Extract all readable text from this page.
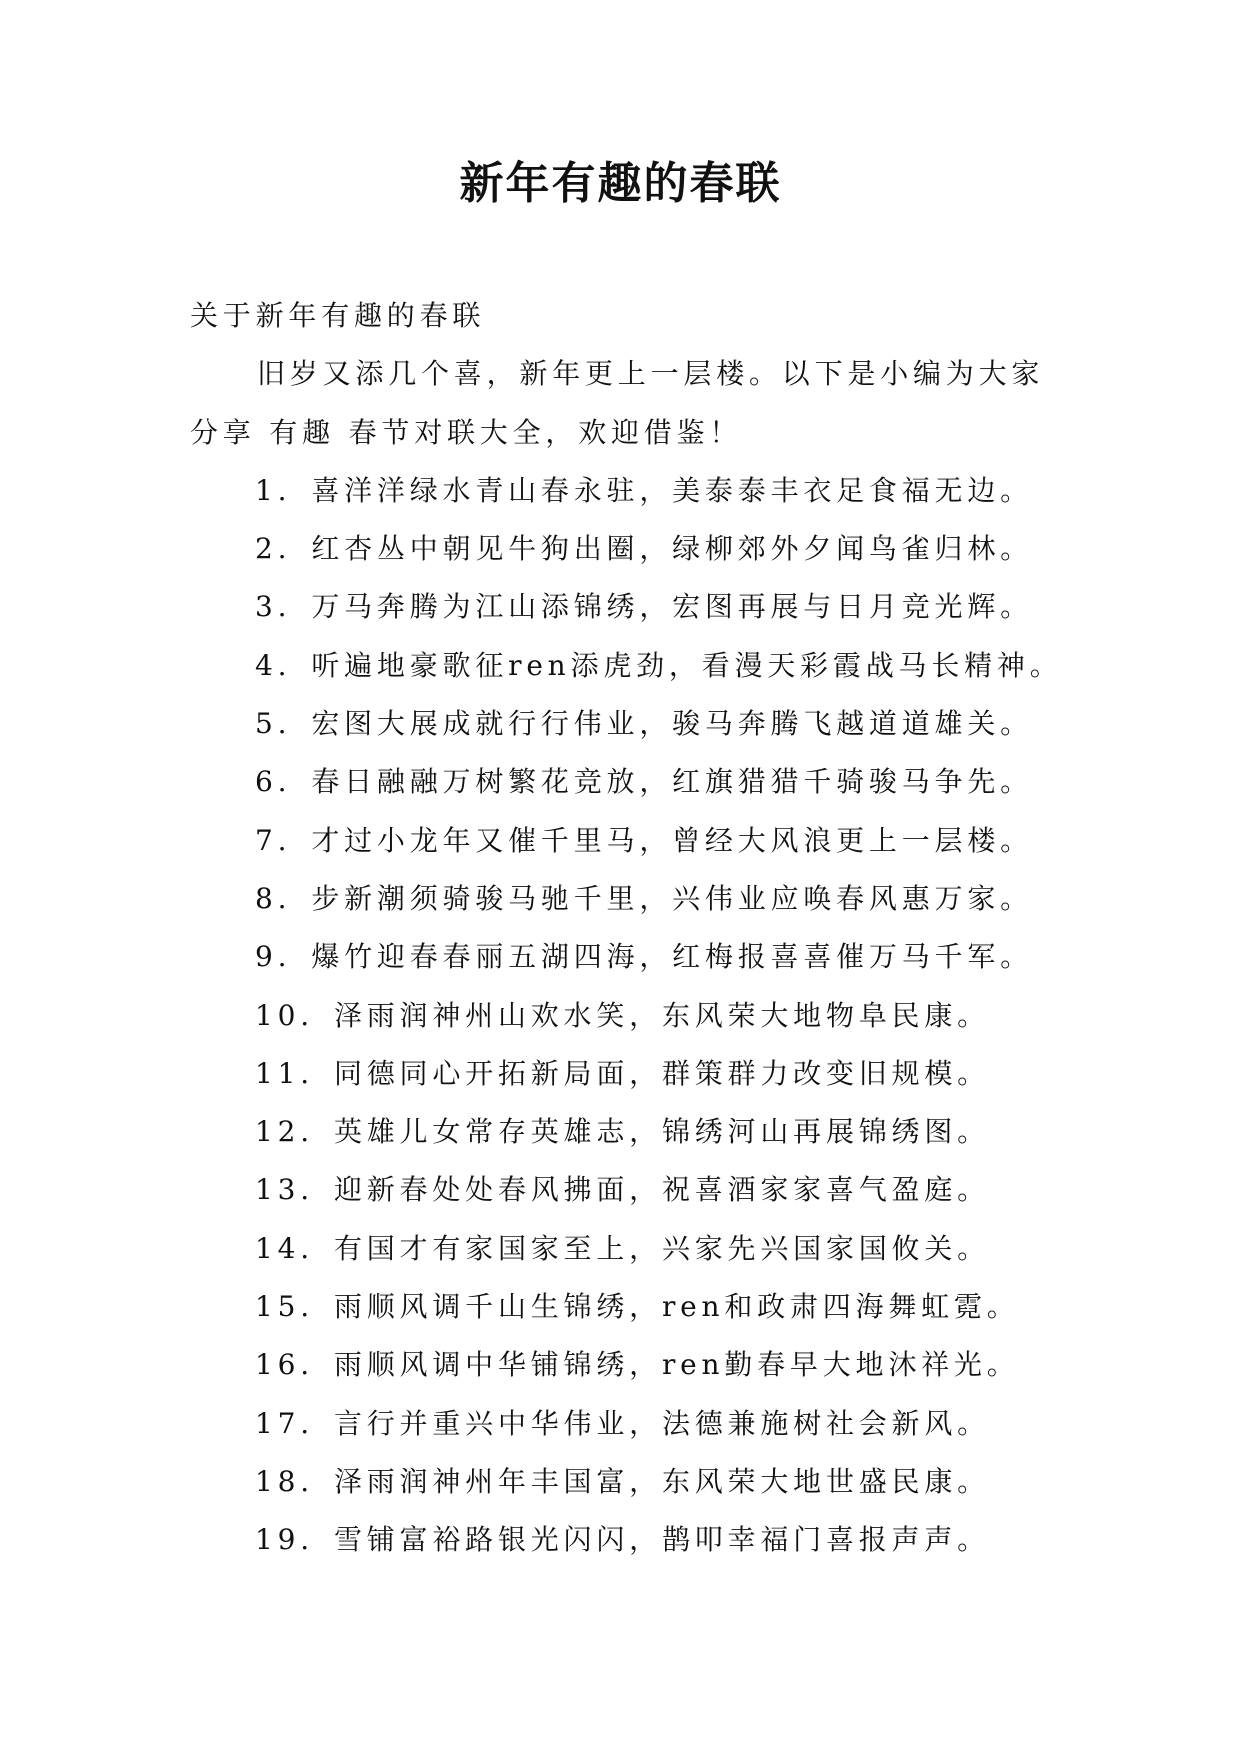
新年有趣的春联
关于新年有趣的春联
旧岁又添几个喜，新年更上一层楼。以下是小编为大家
分享 有趣 春节对联大全，欢迎借鉴！
1. 喜洋洋绿水青山春永驻，美泰泰丰衣足食福无边。
2. 红杏丛中朝见牛狗出圈，绿柳郊外夕闻鸟雀归林。
3. 万马奔腾为江山添锦绣，宏图再展与日月竞光辉。
4. 听遍地豪歌征ren添虎劲，看漫天彩霞战马长精神。
5. 宏图大展成就行行伟业，骏马奔腾飞越道道雄关。
6. 春日融融万树繁花竞放，红旗猎猎千骑骏马争先。
7. 才过小龙年又催千里马，曾经大风浪更上一层楼。
8. 步新潮须骑骏马驰千里，兴伟业应唤春风惠万家。
9. 爆竹迎春春丽五湖四海，红梅报喜喜催万马千军。
10. 泽雨润神州山欢水笑，东风荣大地物阜民康。
11. 同德同心开拓新局面，群策群力改变旧规模。
12. 英雄儿女常存英雄志，锦绣河山再展锦绣图。
13. 迎新春处处春风拂面，祝喜酒家家喜气盈庭。
14. 有国才有家国家至上，兴家先兴国家国攸关。
15. 雨顺风调千山生锦绣，ren和政肃四海舞虹霓。
16. 雨顺风调中华铺锦绣，ren勤春早大地沐祥光。
17. 言行并重兴中华伟业，法德兼施树社会新风。
18. 泽雨润神州年丰国富，东风荣大地世盛民康。
19. 雪铺富裕路银光闪闪，鹊叩幸福门喜报声声。
